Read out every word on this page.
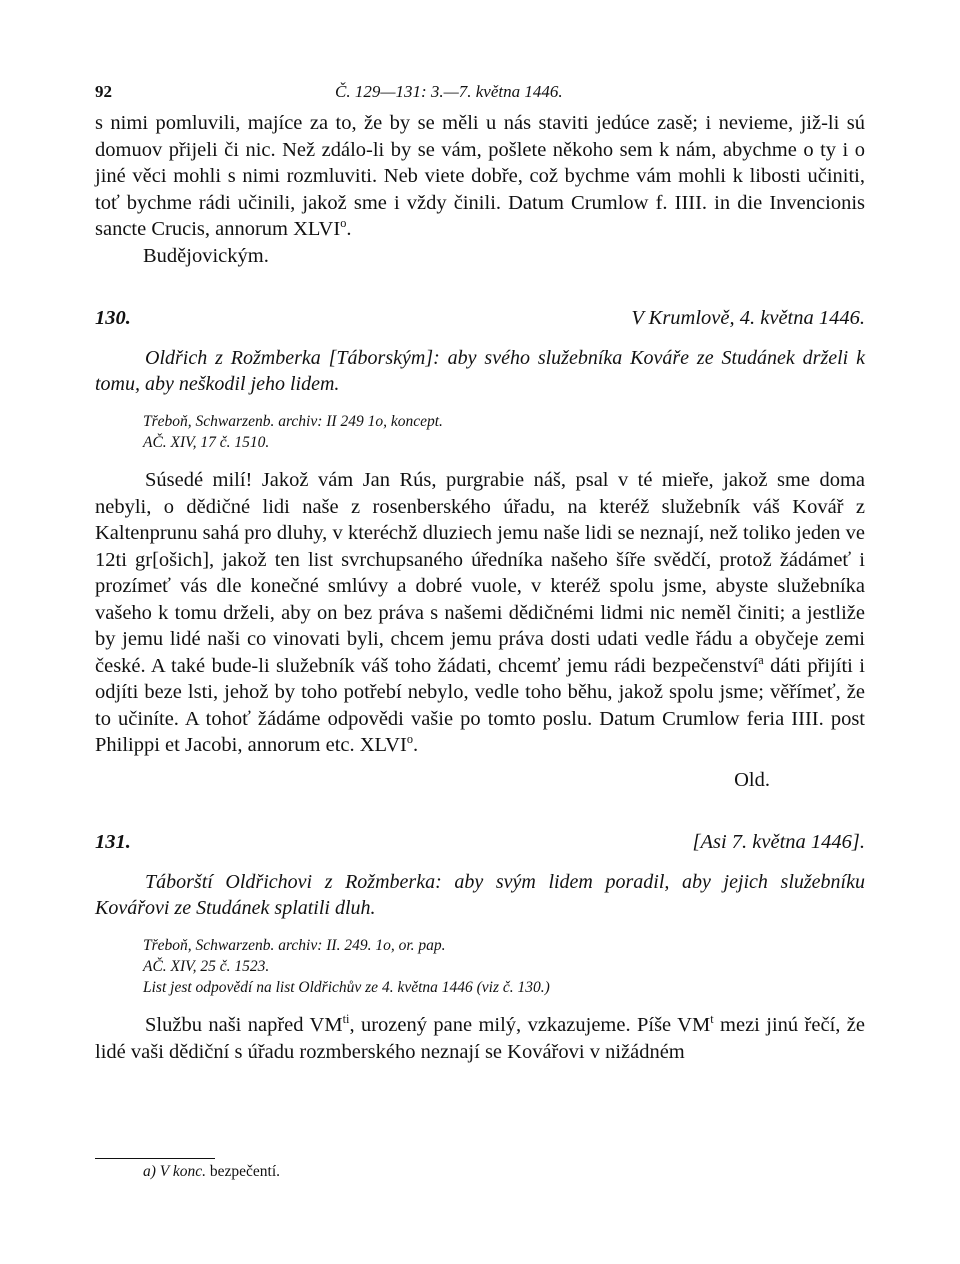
92	Č. 129—131: 3.—7. května 1446.

s nimi pomluvili, majíce za to, že by se měli u nás staviti jedúce zasě; i nevieme, již-li sú domuov přijeli či nic. Než zdálo-li by se vám, pošlete někoho sem k nám, abychme o ty i o jiné věci mohli s nimi rozmluviti. Neb viete dobře, což bychme vám mohli k libosti učiniti, toť bychme rádi učinili, jakož sme i vždy činili. Datum Crumlow f. IIII. in die Invencionis sancte Crucis, annorum XLVI$^o$.

Budějovickým.

130.	V Krumlově, 4. května 1446.

Oldřich z Rožmberka [Táborským]: aby svého služebníka Kováře ze Studánek drželi k tomu, aby neškodil jeho lidem.

Třeboň, Schwarzenb. archiv: II 249 1o, koncept.

AČ. XIV, 17 č. 1510.

Súsedé milí! Jakož vám Jan Rús, purgrabie náš, psal v té mieře, jakož sme doma nebyli, o dědičné lidi naše z rosenberského úřadu, na kteréž služebník váš Kovář z Kaltenprunu sahá pro dluhy, v kteréchž dluziech jemu naše lidi se neznají, než toliko jeden ve 12ti gr[ošich], jakož ten list svrchupsaného úředníka našeho šíře svědčí, protož žádámeť i prozímeť vás dle konečné smlúvy a dobré vuole, v kteréž spolu jsme, abyste služebníka vašeho k tomu drželi, aby on bez práva s našemi dědičnémi lidmi nic neměl činiti; a jestliže by jemu lidé naši co vinovati byli, chcem jemu práva dosti udati vedle řádu a obyčeje zemi české. A také bude-li služebník váš toho žádati, chcemť jemu rádi bezpečenství$^a$ dáti přijíti i odjíti beze lsti, jehož by toho potřebí nebylo, vedle toho běhu, jakož spolu jsme; věřímeť, že to učiníte. A tohoť žádáme odpovědi vašie po tomto poslu. Datum Crumlow feria IIII. post Philippi et Jacobi, annorum etc. XLVI$^o$.

Old.

131.	[Asi 7. května 1446].

Táborští Oldřichovi z Rožmberka: aby svým lidem poradil, aby jejich služebníku Kovářovi ze Studánek splatili dluh.

Třeboň, Schwarzenb. archiv: II. 249. 1o, or. pap.

AČ. XIV, 25 č. 1523.

List jest odpovědí na list Oldřichův ze 4. května 1446 (viz č. 130.)

Službu naši napřed $VM^{ti}$, urozený pane milý, vzkazujeme. Píše $VM^t$ mezi jinú řečí, že lidé vaši dědiční s úřadu rozmberského neznají se Kovářovi v nižádném

a) V konc. bezpečentí.
